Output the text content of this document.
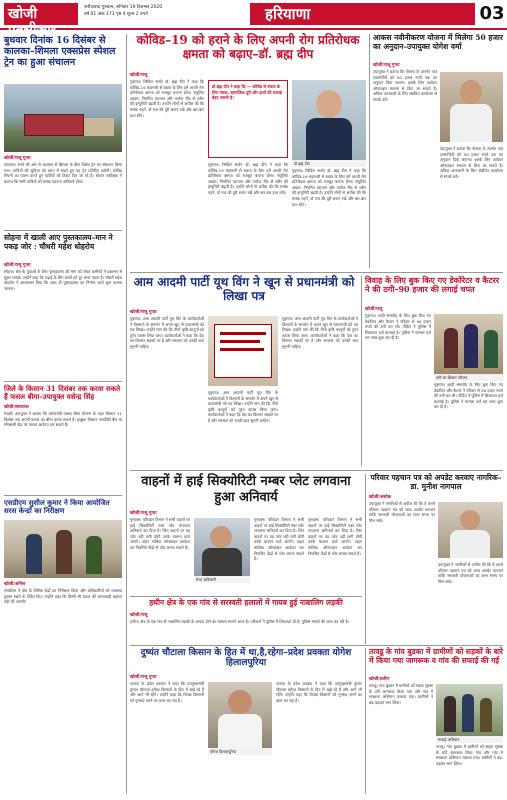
खोजी एनसीआर
फरीदाबाद गुरुग्राम, शनिवार 19 दिसम्बर 2020
वर्ष 01 अंक 173 पृष्ठ 4 मूल्य 2 रुपये	हरियाणा	03
बुधवार दिनांक 16 दिसंबर से कालका–शिमला एक्सप्रेस स्पेशल ट्रेन का हुआ संचालन
खोजी/राजू गुप्ता
कालका। रेलवे की ओर से कालका से शिमला के बीच विशेष ट्रेन का संचालन किया गया। यात्रियों की सुविधा को ध्यान में रखते हुए यह ट्रेन प्रतिदिन चलेगी। कोविड नियमों का पालन करते हुए यात्रियों को टिकट दिए जा रहे हैं। स्टेशन अधीक्षक ने बताया कि सभी यात्रियों को मास्क पहनना अनिवार्य होगा।
सोहना में खाली आए पुस्तकालय–मान ने पकड़ जोर : चौधरी महेश धोहरोय
खोजी/राजू गुप्ता
सोहना। क्षेत्र के युवाओं के लिए पुस्तकालय की मांग को लेकर ग्रामीणों ने प्रशासन से गुहार लगाई। उन्होंने कहा कि पढ़ाई के लिए बच्चों को दूर जाना पड़ता है। चौधरी महेश धोहरोय ने आश्वासन दिया कि जल्द ही पुस्तकालय का निर्माण कार्य शुरू कराया जाएगा।
जिले के किसान 31 दिसंबर तक करवा सकते हैं फसल बीमा–उपायुक्त यशेन्द्र सिंह
खोजी/सत्यपाल
रेवाड़ी। उपायुक्त ने बताया कि प्रधानमंत्री फसल बीमा योजना के तहत किसान 31 दिसंबर तक अपनी फसल का बीमा करवा सकते हैं। इच्छुक किसान नजदीकी बैंक या सीएससी केंद्र पर जाकर आवेदन कर सकते हैं।
एसडीएम सुशील कुमार ने किया आयोजित सरस केन्द्रों का निरीक्षण
खोजी/अनिल
एसडीएम ने क्षेत्र के विभिन्न केंद्रों का निरीक्षण किया और अधिकारियों को व्यवस्था दुरुस्त रखने के निर्देश दिए। उन्होंने कहा कि किसी भी प्रकार की लापरवाही बर्दाश्त नहीं की जाएगी।
कोविड–19 को हराने के लिए अपनी रोग प्रतिरोधक क्षमता को बढ़ाए–डॉ. ब्रह्म दीप
खोजी/राजू
गुड़गांव। सिविल सर्जन डॉ. ब्रह्म दीप ने कहा कि कोविड-19 महामारी से बचाव के लिए हमें अपनी रोग प्रतिरोधक क्षमता को मजबूत बनाना होगा। संतुलित आहार, नियमित व्यायाम और पर्याप्त नींद से शरीर की इम्युनिटी बढ़ती है। उन्होंने लोगों से अपील की कि मास्क पहनें, दो गज की दूरी बनाए रखें और बार-बार हाथ धोएं।
डॉ ब्रह्म दीप ने कहा कि — कोविड से बचाव के लिए मास्क, सामाजिक दूरी और हाथों की सफाई बेहद जरूरी है।
गुड़गांव। सिविल सर्जन डॉ. ब्रह्म दीप ने कहा कि कोविड-19 महामारी से बचाव के लिए हमें अपनी रोग प्रतिरोधक क्षमता को मजबूत बनाना होगा। संतुलित आहार, नियमित व्यायाम और पर्याप्त नींद से शरीर की इम्युनिटी बढ़ती है। उन्होंने लोगों से अपील की कि मास्क पहनें, दो गज की दूरी बनाए रखें और बार-बार हाथ धोएं।
डॉ ब्रह्म दीप
गुड़गांव। सिविल सर्जन डॉ. ब्रह्म दीप ने कहा कि कोविड-19 महामारी से बचाव के लिए हमें अपनी रोग प्रतिरोधक क्षमता को मजबूत बनाना होगा। संतुलित आहार, नियमित व्यायाम और पर्याप्त नींद से शरीर की इम्युनिटी बढ़ती है। उन्होंने लोगों से अपील की कि मास्क पहनें, दो गज की दूरी बनाए रखें और बार-बार हाथ धोएं।
आकस नवीनीकरण योजना में मिलेगा 50 हजार का अनुदान–उपायुक्त योगेश वर्मा
खोजी/राजू गुप्ता
उपायुक्त ने बताया कि योजना के अंतर्गत पात्र लाभार्थियों को 50 हजार रुपये तक का अनुदान दिया जाएगा। इसके लिए आवेदन ऑनलाइन माध्यम से किए जा सकते हैं। अधिक जानकारी के लिए संबंधित कार्यालय से संपर्क करें।
उपायुक्त ने बताया कि योजना के अंतर्गत पात्र लाभार्थियों को 50 हजार रुपये तक का अनुदान दिया जाएगा। इसके लिए आवेदन ऑनलाइन माध्यम से किए जा सकते हैं। अधिक जानकारी के लिए संबंधित कार्यालय से संपर्क करें।
आम आदमी पार्टी यूथ विंग ने खून से प्रधानमंत्री को लिखा पत्र
खोजी/राजू गुप्ता
गुड़गांव। आम आदमी पार्टी यूथ विंग के कार्यकर्ताओं ने किसानों के समर्थन में अपने खून से प्रधानमंत्री को पत्र लिखा। उन्होंने मांग की कि तीनों कृषि कानूनों को तुरंत वापस लिया जाए। कार्यकर्ताओं ने कहा कि देश का किसान सड़कों पर है और सरकार को उनकी बात सुननी चाहिए।
गुड़गांव। आम आदमी पार्टी यूथ विंग के कार्यकर्ताओं ने किसानों के समर्थन में अपने खून से प्रधानमंत्री को पत्र लिखा। उन्होंने मांग की कि तीनों कृषि कानूनों को तुरंत वापस लिया जाए। कार्यकर्ताओं ने कहा कि देश का किसान सड़कों पर है और सरकार को उनकी बात सुननी चाहिए।
गुड़गांव। आम आदमी पार्टी यूथ विंग के कार्यकर्ताओं ने किसानों के समर्थन में अपने खून से प्रधानमंत्री को पत्र लिखा। उन्होंने मांग की कि तीनों कृषि कानूनों को तुरंत वापस लिया जाए। कार्यकर्ताओं ने कहा कि देश का किसान सड़कों पर है और सरकार को उनकी बात सुननी चाहिए।
विवाह के लिए बुक किए गए डेकोरेटर व कैटरर ने की ठगी–90 हजार की लगाई चपत
खोजी/राजू
गुड़गांव। शादी समारोह के लिए बुक किए गए डेकोरेटर और कैटरर ने परिवार से 90 हजार रुपये की ठगी कर ली। पीड़ित ने पुलिस में शिकायत दर्ज करवाई है। पुलिस ने मामला दर्ज कर जांच शुरू कर दी है।
ठगी का शिकार परिवार
गुड़गांव। शादी समारोह के लिए बुक किए गए डेकोरेटर और कैटरर ने परिवार से 90 हजार रुपये की ठगी कर ली। पीड़ित ने पुलिस में शिकायत दर्ज करवाई है। पुलिस ने मामला दर्ज कर जांच शुरू कर दी है।
वाहनों में हाई सिक्योरिटी नम्बर प्लेट लगवाना हुआ अनिवार्य
खोजी/राजू गुप्ता
गुरुग्राम। परिवहन विभाग ने सभी वाहनों पर हाई सिक्योरिटी नंबर प्लेट लगवाना अनिवार्य कर दिया है। जिन वाहनों पर यह प्लेट नहीं लगी होगी उनके चालान काटे जाएंगे। वाहन मालिक ऑनलाइन आवेदन कर निर्धारित केंद्रों से प्लेट लगवा सकते हैं।
मेरठ अधिकारी
गुरुग्राम। परिवहन विभाग ने सभी वाहनों पर हाई सिक्योरिटी नंबर प्लेट लगवाना अनिवार्य कर दिया है। जिन वाहनों पर यह प्लेट नहीं लगी होगी उनके चालान काटे जाएंगे। वाहन मालिक ऑनलाइन आवेदन कर निर्धारित केंद्रों से प्लेट लगवा सकते हैं।
गुरुग्राम। परिवहन विभाग ने सभी वाहनों पर हाई सिक्योरिटी नंबर प्लेट लगवाना अनिवार्य कर दिया है। जिन वाहनों पर यह प्लेट नहीं लगी होगी उनके चालान काटे जाएंगे। वाहन मालिक ऑनलाइन आवेदन कर निर्धारित केंद्रों से प्लेट लगवा सकते हैं।
हथीन क्षेत्र के एक गांव से सरस्वती हलालों में गायब हुई नाबालिग लड़की
खोजी/राजू
हथीन। क्षेत्र के एक गांव से नाबालिग लड़की के लापता होने का मामला सामने आया है। परिजनों ने पुलिस में शिकायत दी है। पुलिस मामले की जांच कर रही है।
परिवार पहचान पत्र को अपडेट करवाए नागरिक–डा. मुनीश नागपाल
खोजी/अशोक
उपायुक्त ने नागरिकों से अपील की कि वे अपने परिवार पहचान पत्र को जल्द अपडेट करवाएं ताकि सरकारी योजनाओं का लाभ समय पर मिल सके।
उपायुक्त ने नागरिकों से अपील की कि वे अपने परिवार पहचान पत्र को जल्द अपडेट करवाएं ताकि सरकारी योजनाओं का लाभ समय पर मिल सके।
दुष्यंत चौटाला किसान के हित में था,है,रहेगा–प्रदेश प्रवक्ता योगेश हिलालपुरिया
खोजी/राजू गुप्ता
जजपा के प्रदेश प्रवक्ता ने कहा कि उपमुख्यमंत्री दुष्यंत चौटाला हमेशा किसानों के हित में खड़े रहे हैं और आगे भी रहेंगे। उन्होंने कहा कि विपक्ष किसानों को गुमराह करने का काम कर रहा है।
योगेश हिलालपुरिया
जजपा के प्रदेश प्रवक्ता ने कहा कि उपमुख्यमंत्री दुष्यंत चौटाला हमेशा किसानों के हित में खड़े रहे हैं और आगे भी रहेंगे। उन्होंने कहा कि विपक्ष किसानों को गुमराह करने का काम कर रहा है।
तावडू के गांव बुडका में ग्रामीणों को सड़कों के बारे में किया गया जागरूक व गांव की सफाई की गई
खोजी/प्रवीण
तावडू। गांव बुडका में ग्रामीणों को सड़क सुरक्षा के प्रति जागरूक किया गया और गांव में स्वच्छता अभियान चलाया गया। ग्रामीणों ने बढ़-चढ़कर भाग लिया।
सफाई अभियान
तावडू। गांव बुडका में ग्रामीणों को सड़क सुरक्षा के प्रति जागरूक किया गया और गांव में स्वच्छता अभियान चलाया गया। ग्रामीणों ने बढ़-चढ़कर भाग लिया।
